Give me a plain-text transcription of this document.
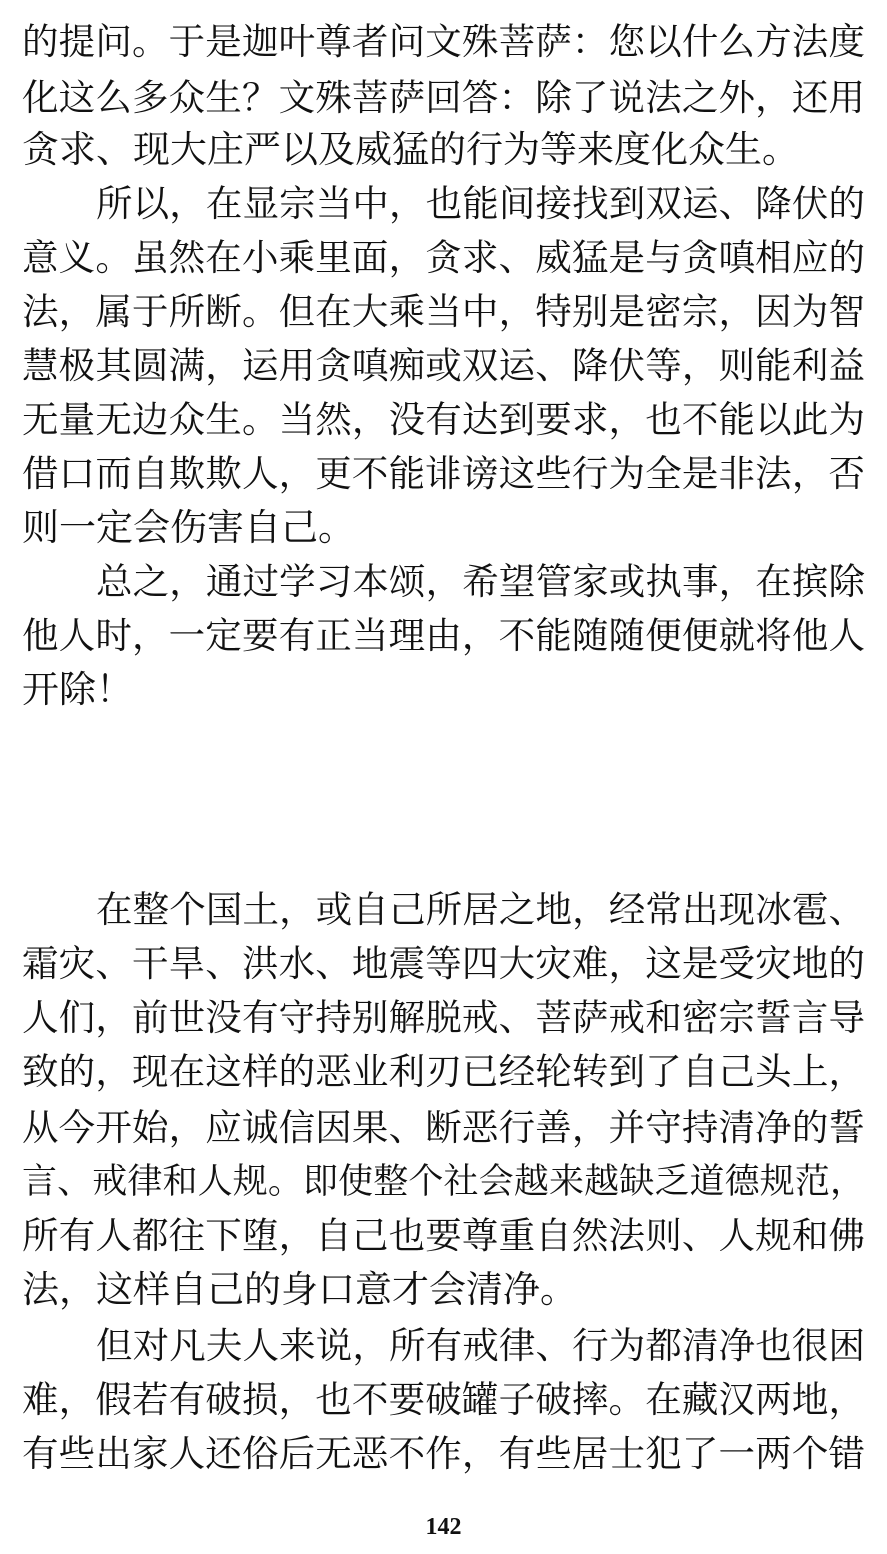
的提问。于是迦叶尊者问文殊菩萨：您以什么方法度
化这么多众生？文殊菩萨回答：除了说法之外，还用
贪求、现大庄严以及威猛的行为等来度化众生。
所以，在显宗当中，也能间接找到双运、降伏的
意义。虽然在小乘里面，贪求、威猛是与贪嗔相应的
法，属于所断。但在大乘当中，特别是密宗，因为智
慧极其圆满，运用贪嗔痴或双运、降伏等，则能利益
无量无边众生。当然，没有达到要求，也不能以此为
借口而自欺欺人，更不能诽谤这些行为全是非法，否
则一定会伤害自己。
总之，通过学习本颂，希望管家或执事，在摈除
他人时，一定要有正当理由，不能随随便便就将他人
开除！
在整个国土，或自己所居之地，经常出现冰雹、
霜灾、干旱、洪水、地震等四大灾难，这是受灾地的
人们，前世没有守持别解脱戒、菩萨戒和密宗誓言导
致的，现在这样的恶业利刃已经轮转到了自己头上，
从今开始，应诚信因果、断恶行善，并守持清净的誓
言、戒律和人规。即使整个社会越来越缺乏道德规范，
所有人都往下堕，自己也要尊重自然法则、人规和佛
法，这样自己的身口意才会清净。
但对凡夫人来说，所有戒律、行为都清净也很困
难，假若有破损，也不要破罐子破摔。在藏汉两地，
有些出家人还俗后无恶不作，有些居士犯了一两个错
142
